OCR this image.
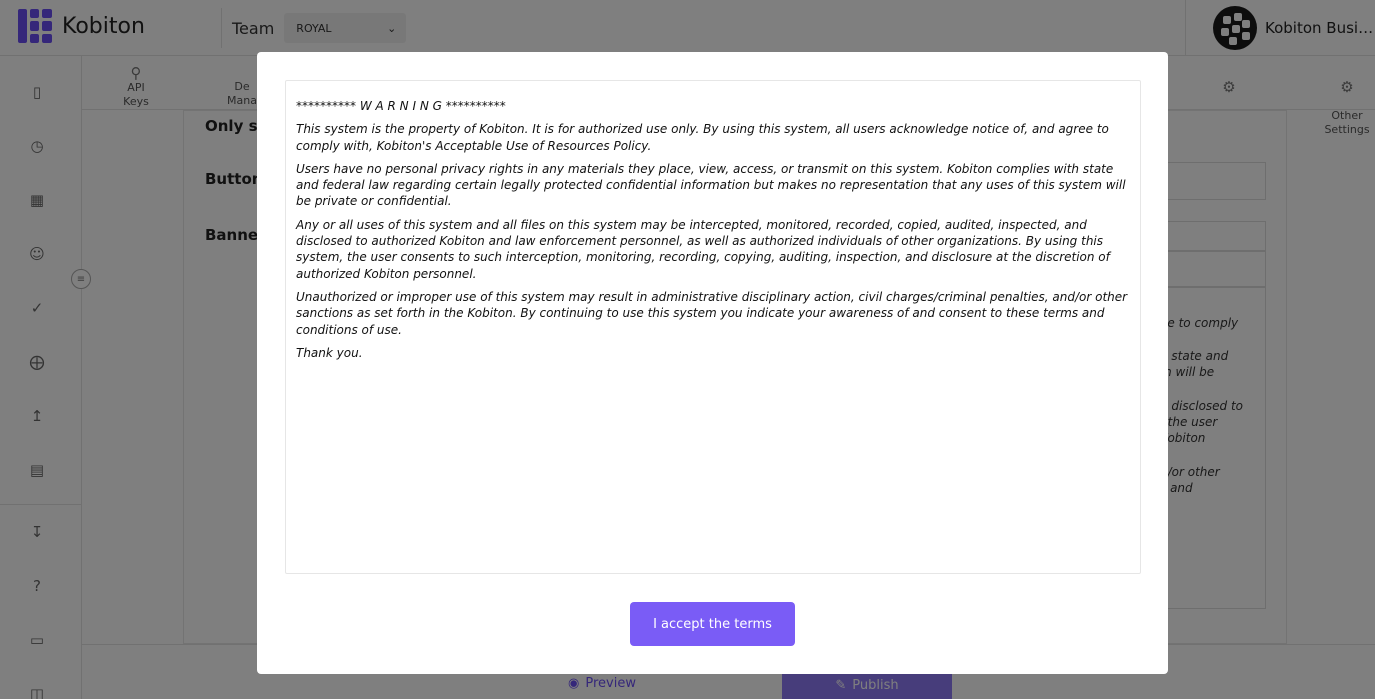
********** W A R N I N G **********

This system is the property of Kobiton. It is for authorized use only. By using this system, all users acknowledge notice of, and agree to comply with, Kobiton's Acceptable Use of Resources Policy.

Users have no personal privacy rights in any materials they place, view, access, or transmit on this system. Kobiton complies with state and federal law regarding certain legally protected confidential information but makes no representation that any uses of this system will be private or confidential.

Any or all uses of this system and all files on this system may be intercepted, monitored, recorded, copied, audited, inspected, and disclosed to authorized Kobiton and law enforcement personnel, as well as authorized individuals of other organizations. By using this system, the user consents to such interception, monitoring, recording, copying, auditing, inspection, and disclosure at the discretion of authorized Kobiton personnel.

Unauthorized or improper use of this system may result in administrative disciplinary action, civil charges/criminal penalties, and/or other sanctions as set forth in the Kobiton. By continuing to use this system you indicate your awareness of and consent to these terms and conditions of use.

Thank you.

I accept the terms
